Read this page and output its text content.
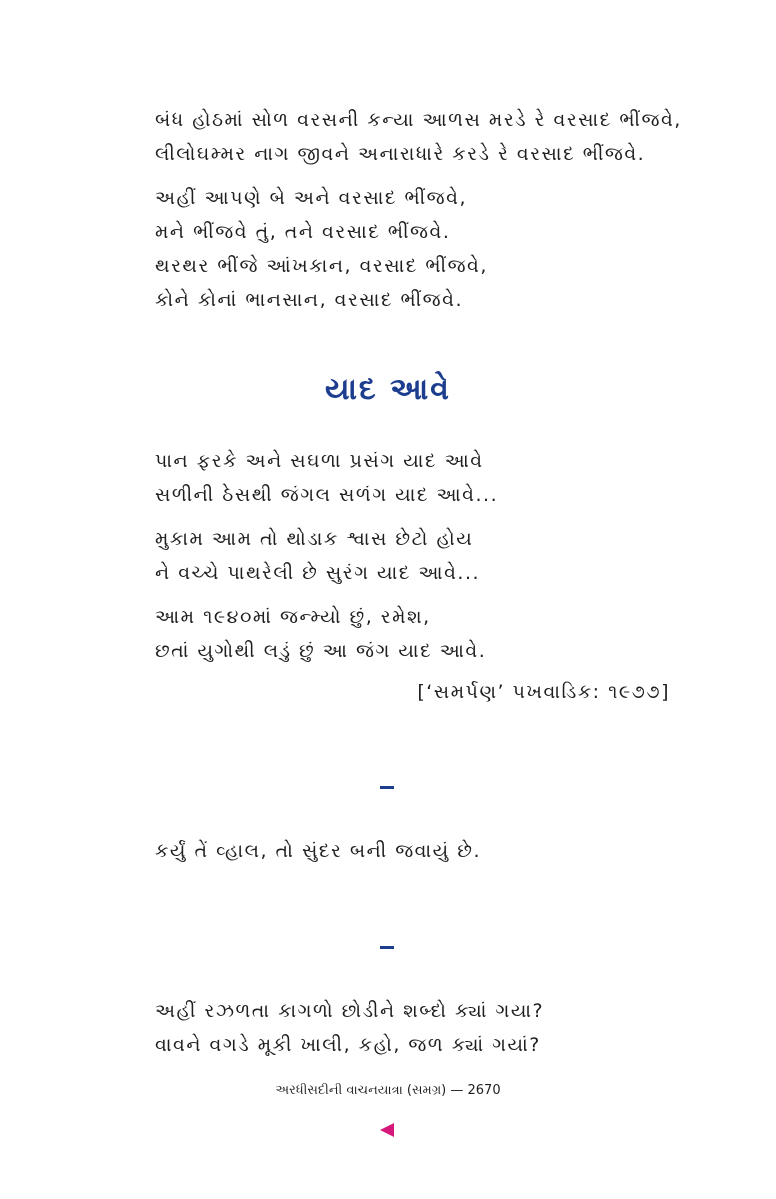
બંધ હોઠમાં સોળ વરસની કન્યા આળસ મરડે રે વરસાદ ભીંજવે,
લીલોઘમ્મર નાગ જીવને અનારાધારે કરડે રે વરસાદ ભીંજવે.
અહીં આપણે બે અને વરસાદ ભીંજવે,
મને ભીંજવે તું, તને વરસાદ ભીંજવે.
થરથર ભીંજે આંખકાન, વરસાદ ભીંજવે,
કોને કોનાં ભાનસાન, વરસાદ ભીંજવે.
યાદ આવે
પાન ફરકે અને સઘળા પ્રસંગ યાદ આવે
સળીની ઠેસથી જંગલ સળંગ યાદ આવે...
મુકામ આમ તો થોડાક શ્વાસ છેટો હોય
ને વચ્ચે પાથરેલી છે સુરંગ યાદ આવે...
આમ ૧૯૪૦માં જન્મ્યો છું, રમેશ,
છતાં યુગોથી લડું છું આ જંગ યાદ આવે.
[‘સમર્પણ’ પખવાડિક: ૧૯૭૭]
કર્યું તેં વ્હાલ, તો સુંદર બની જવાયું છે.
અહીં રઝળતા કાગળો છોડીને શબ્દો ક્યાં ગયા?
વાવને વગડે મૂકી ખાલી, કહો, જળ ક્યાં ગયાં?
અરધીસદીની વાચનયાત્રા (સમગ્ર) — 2670
